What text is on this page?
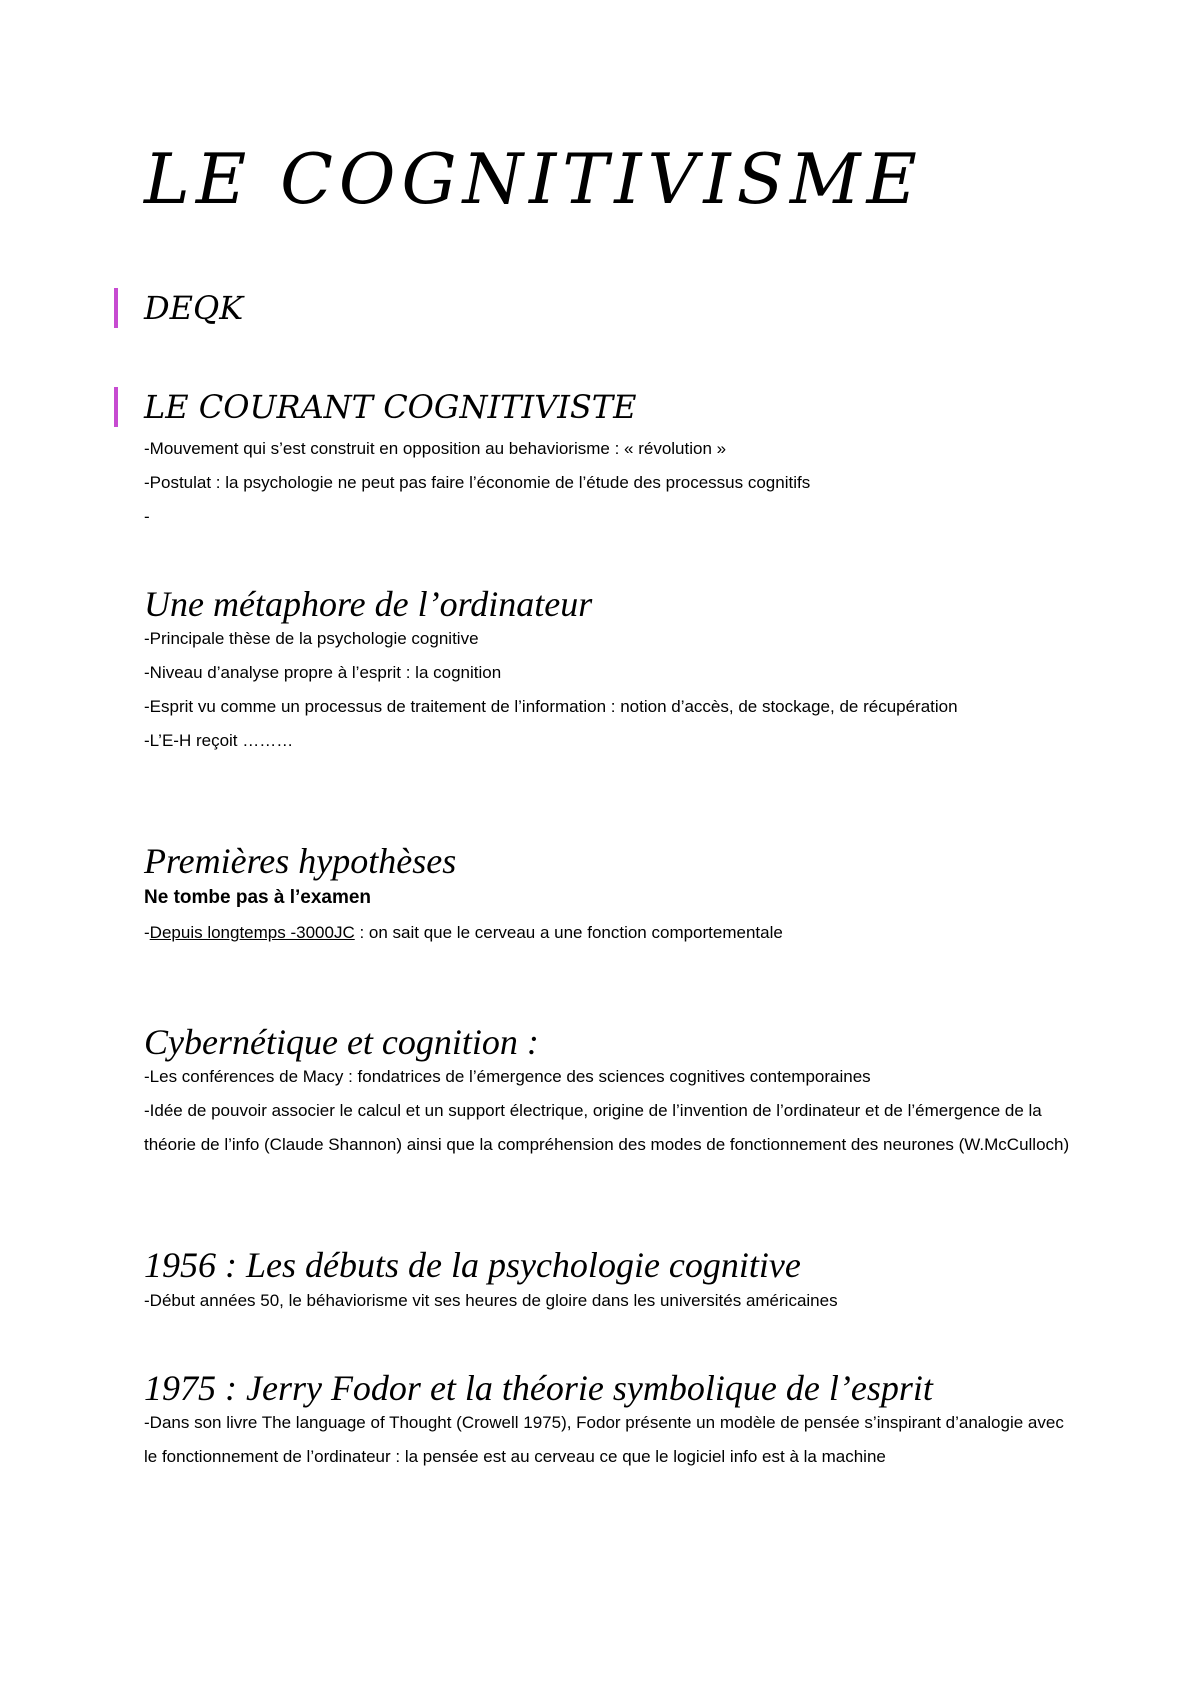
LE COGNITIVISME
DEQK
LE COURANT COGNITIVISTE
-Mouvement qui s’est construit en opposition au behaviorisme : « révolution »
-Postulat : la psychologie ne peut pas faire l’économie de l’étude des processus cognitifs
-
Une métaphore de l’ordinateur
-Principale thèse de la psychologie cognitive
-Niveau d’analyse propre à l’esprit : la cognition
-Esprit vu comme un processus de traitement de l’information : notion d’accès, de stockage, de récupération
-L’E-H reçoit ………
Premières hypothèses
Ne tombe pas à l’examen
-Depuis longtemps -3000JC : on sait que le cerveau a une fonction comportementale
Cybernétique et cognition :
-Les conférences de Macy : fondatrices de l’émergence des sciences cognitives contemporaines
-Idée de pouvoir associer le calcul et un support électrique, origine de l’invention de l’ordinateur et de l’émergence de la théorie de l’info (Claude Shannon) ainsi que la compréhension des modes de fonctionnement des neurones (W.McCulloch)
1956 : Les débuts de la psychologie cognitive
-Début années 50, le béhaviorisme vit ses heures de gloire dans les universités américaines
1975 : Jerry Fodor et la théorie symbolique de l’esprit
-Dans son livre The language of Thought (Crowell 1975), Fodor présente un modèle de pensée s’inspirant d’analogie avec le fonctionnement de l’ordinateur : la pensée est au cerveau ce que le logiciel info est à la machine
